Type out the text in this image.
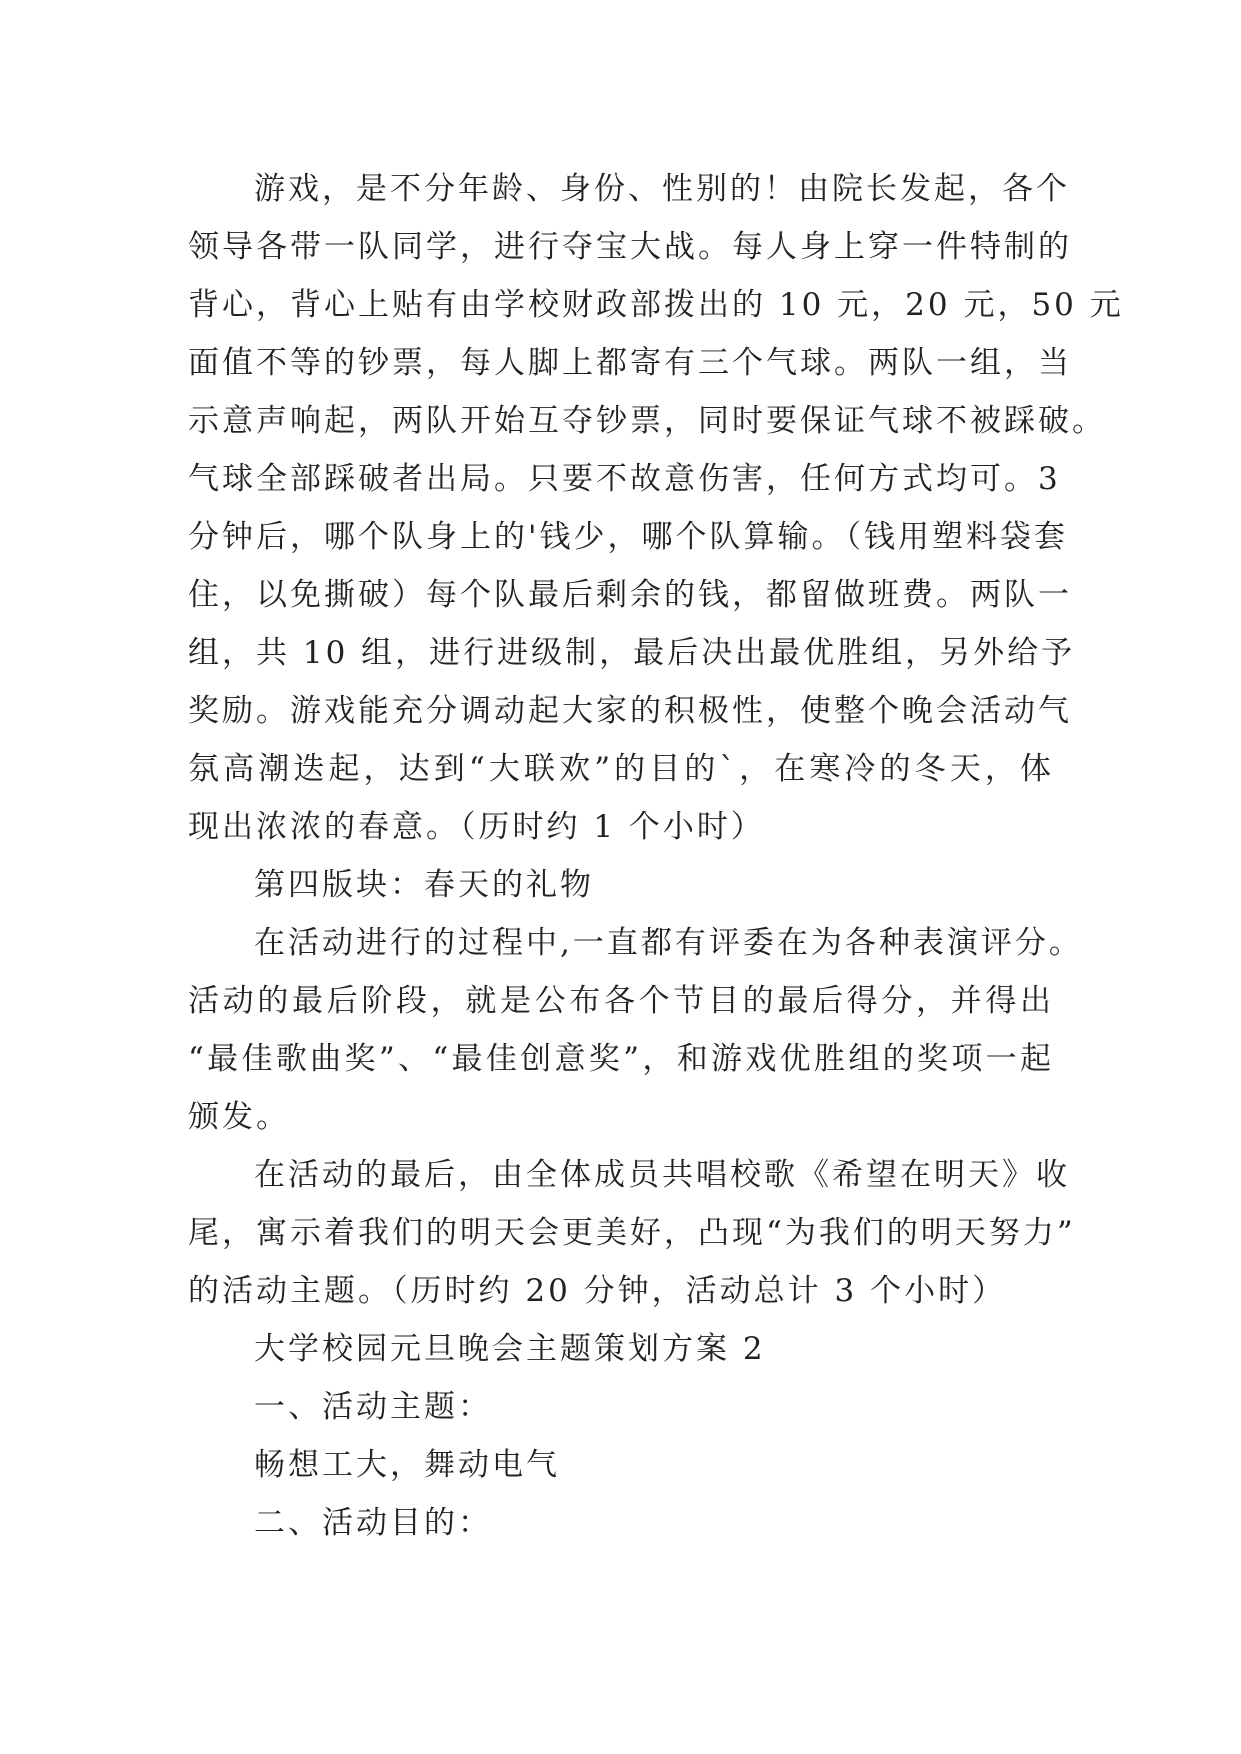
游戏，是不分年龄、身份、性别的！由院长发起，各个
领导各带一队同学，进行夺宝大战。每人身上穿一件特制的
背心，背心上贴有由学校财政部拨出的 10 元，20 元，50 元
面值不等的钞票，每人脚上都寄有三个气球。两队一组，当
示意声响起，两队开始互夺钞票，同时要保证气球不被踩破。
气球全部踩破者出局。只要不故意伤害，任何方式均可。3
分钟后，哪个队身上的'钱少，哪个队算输。（钱用塑料袋套
住，以免撕破）每个队最后剩余的钱，都留做班费。两队一
组，共 10 组，进行进级制，最后决出最优胜组，另外给予
奖励。游戏能充分调动起大家的积极性，使整个晚会活动气
氛高潮迭起，达到“大联欢”的目的`，在寒冷的冬天，体
现出浓浓的春意。（历时约 1 个小时）
第四版块：春天的礼物
在活动进行的过程中,一直都有评委在为各种表演评分。
活动的最后阶段，就是公布各个节目的最后得分，并得出
“最佳歌曲奖”、“最佳创意奖”，和游戏优胜组的奖项一起
颁发。
在活动的最后，由全体成员共唱校歌《希望在明天》收
尾，寓示着我们的明天会更美好，凸现“为我们的明天努力”
的活动主题。（历时约 20 分钟，活动总计 3 个小时）
大学校园元旦晚会主题策划方案 2
一、活动主题：
畅想工大，舞动电气
二、活动目的：
